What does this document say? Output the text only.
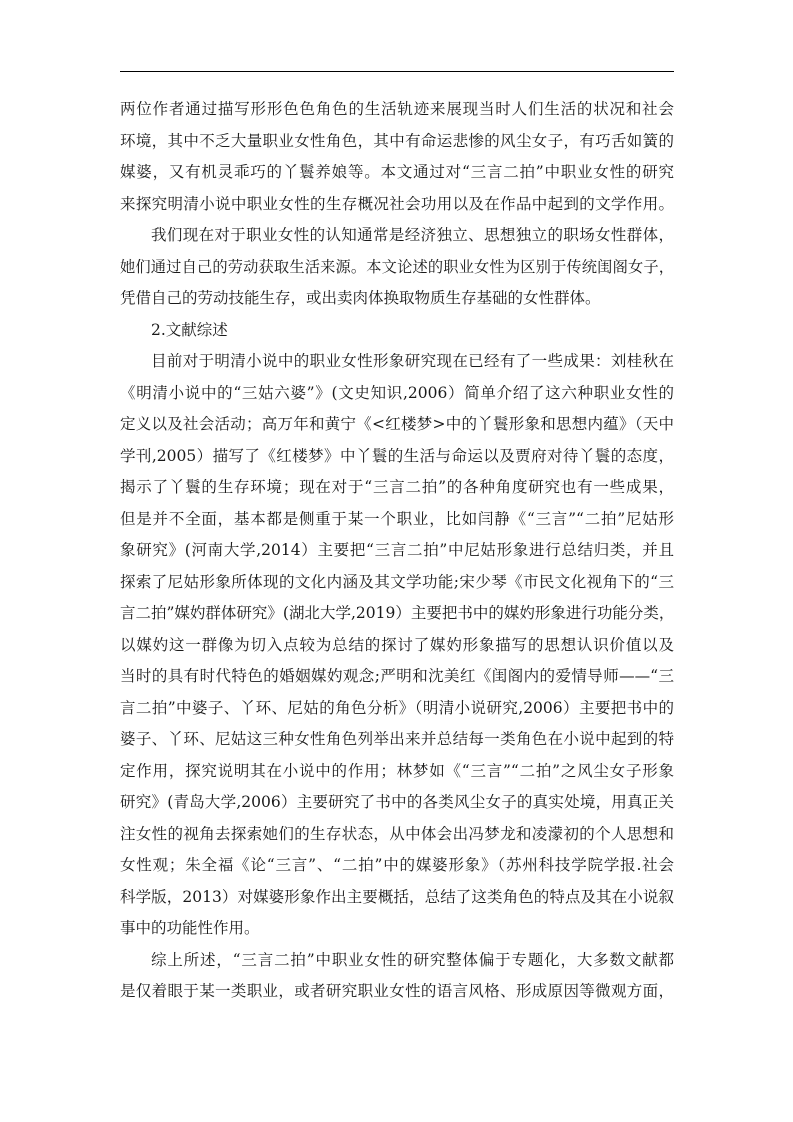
两位作者通过描写形形色色角色的生活轨迹来展现当时人们生活的状况和社会
环境，其中不乏大量职业女性角色，其中有命运悲惨的风尘女子，有巧舌如簧的
媒婆，又有机灵乖巧的丫鬟养娘等。本文通过对“三言二拍”中职业女性的研究
来探究明清小说中职业女性的生存概况社会功用以及在作品中起到的文学作用。
我们现在对于职业女性的认知通常是经济独立、思想独立的职场女性群体，
她们通过自己的劳动获取生活来源。本文论述的职业女性为区别于传统闺阁女子，
凭借自己的劳动技能生存，或出卖肉体换取物质生存基础的女性群体。
2.文献综述
目前对于明清小说中的职业女性形象研究现在已经有了一些成果：刘桂秋在
《明清小说中的“三姑六婆”》(文史知识,2006）简单介绍了这六种职业女性的
定义以及社会活动；高万年和黄宁《<红楼梦>中的丫鬟形象和思想内蕴》（天中
学刊,2005）描写了《红楼梦》中丫鬟的生活与命运以及贾府对待丫鬟的态度，
揭示了丫鬟的生存环境；现在对于“三言二拍”的各种角度研究也有一些成果，
但是并不全面，基本都是侧重于某一个职业，比如闫静《“三言”“二拍”尼姑形
象研究》(河南大学,2014）主要把“三言二拍”中尼姑形象进行总结归类，并且
探索了尼姑形象所体现的文化内涵及其文学功能;宋少琴《市民文化视角下的“三
言二拍”媒妁群体研究》(湖北大学,2019）主要把书中的媒妁形象进行功能分类，
以媒妁这一群像为切入点较为总结的探讨了媒妁形象描写的思想认识价值以及
当时的具有时代特色的婚姻媒妁观念;严明和沈美红《闺阁内的爱情导师——“三
言二拍”中婆子、丫环、尼姑的角色分析》（明清小说研究,2006）主要把书中的
婆子、丫环、尼姑这三种女性角色列举出来并总结每一类角色在小说中起到的特
定作用，探究说明其在小说中的作用；林梦如《“三言”“二拍”之风尘女子形象
研究》(青岛大学,2006）主要研究了书中的各类风尘女子的真实处境，用真正关
注女性的视角去探索她们的生存状态，从中体会出冯梦龙和凌濛初的个人思想和
女性观；朱全福《论“三言”、“二拍”中的媒婆形象》（苏州科技学院学报.社会
科学版，2013）对媒婆形象作出主要概括，总结了这类角色的特点及其在小说叙
事中的功能性作用。
综上所述，“三言二拍”中职业女性的研究整体偏于专题化，大多数文献都
是仅着眼于某一类职业，或者研究职业女性的语言风格、形成原因等微观方面，
